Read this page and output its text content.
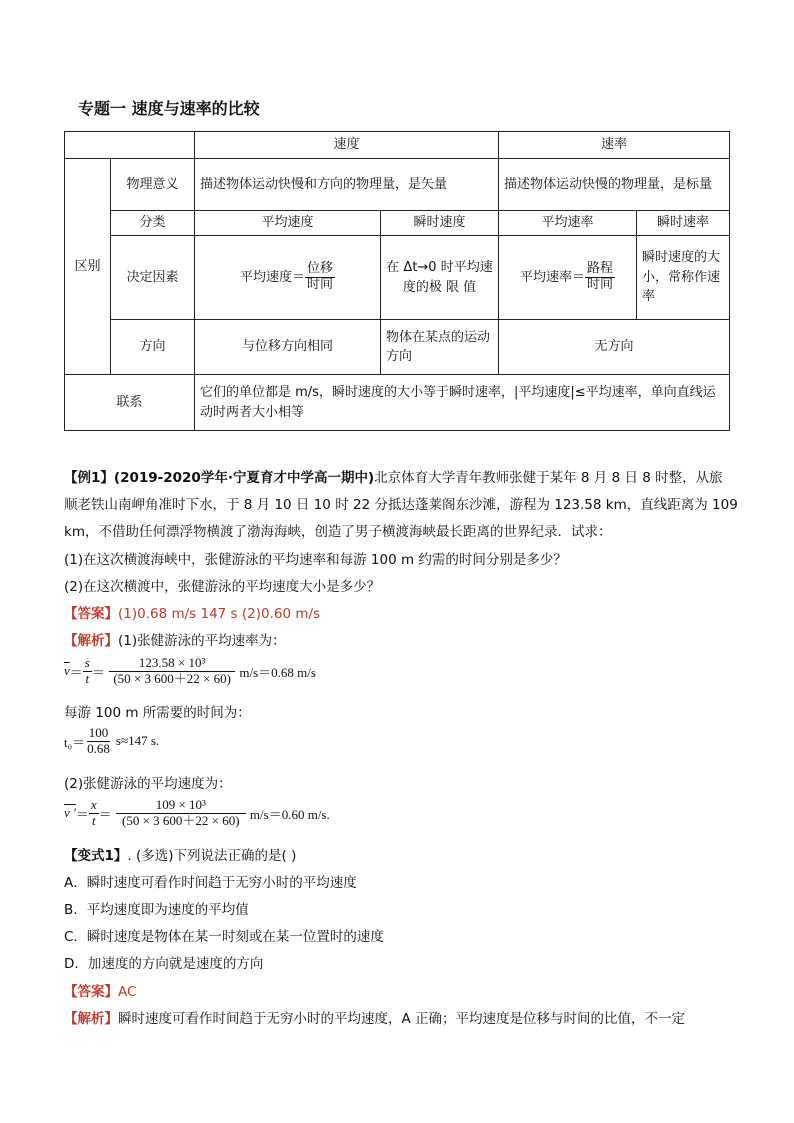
专题一 速度与速率的比较
		速度		速率	
区别	物理意义	描述物体运动快慢和方向的物理量，是矢量		描述物体运动快慢的物理量，是标量	
	分类	平均速度	瞬时速度	平均速率	瞬时速率
	决定因素	平均速度＝ $\frac{\text{位移}}{\text{时间}}$	在 Δt→0 时平均速度的极 限 值	平均速率＝ $\frac{\text{路程}}{\text{时间}}$	瞬时速度的大小，常称作速 率
	方向	与位移方向相同	物体在某点的运动方向	无方向	
联系		它们的单位都是 m/s，瞬时速度的大小等于瞬时速率，|平均速度|≤平均速率，单向直线运动时两者大小相等			
【例1】(2019-2020学年·宁夏育才中学高一期中)北京体育大学青年教师张健于某年 8 月 8 日 8 时整，从旅
顺老铁山南岬角准时下水，于 8 月 10 日 10 时 22 分抵达蓬莱阁东沙滩，游程为 123.58 km，直线距离为 109
km，不借助任何漂浮物横渡了渤海海峡，创造了男子横渡海峡最长距离的世界纪录．试求：
(1)在这次横渡海峡中，张健游泳的平均速率和每游 100 m 约需的时间分别是多少？
(2)在这次横渡中，张健游泳的平均速度大小是多少？
【答案】(1)0.68 m/s 147 s (2)0.60 m/s
【解析】(1)张健游泳的平均速率为：
$\overline{v} = \frac{s}{t} = \frac{\text{123.58 × 10³}}{(50 \times 3 600+22 \times 60)} m/s=0.68$ m/s
每游 100 m 所需要的时间为：
$t_0= \frac{100}{0.68} s\approx 147$ s.
(2)张健游泳的平均速度为：
v ′ ＝ $\frac{x}{t} = \frac{\text{109 × 10³}}{(50 \times 3 600+22 \times 60)} m/s=0.60$ m/s.
【变式1】. (多选)下列说法正确的是( )
A．瞬时速度可看作时间趋于无穷小时的平均速度
B．平均速度即为速度的平均值
C．瞬时速度是物体在某一时刻或在某一位置时的速度
D．加速度的方向就是速度的方向
【答案】AC
【解析】瞬时速度可看作时间趋于无穷小时的平均速度，A 正确；平均速度是位移与时间的比值，不一定
